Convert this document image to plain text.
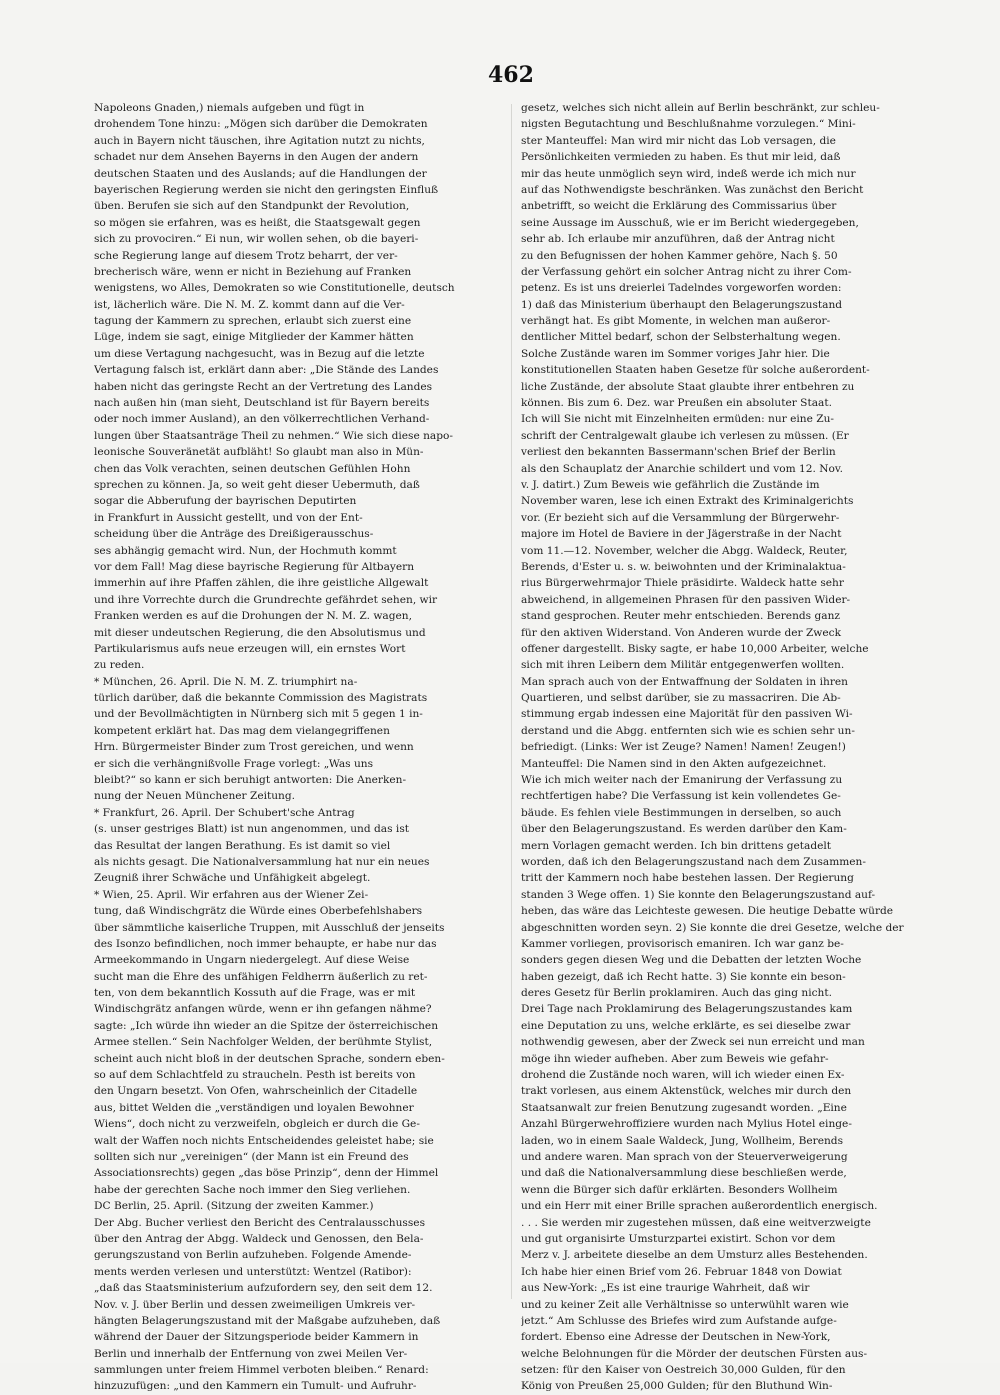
462
Napoleons Gnaden,) niemals aufgeben und fügt in
drohendem Tone hinzu: „Mögen sich darüber die Demokraten
auch in Bayern nicht täuschen, ihre Agitation nutzt zu nichts,
schadet nur dem Ansehen Bayerns in den Augen der andern
deutschen Staaten und des Auslands; auf die Handlungen der
bayerischen Regierung werden sie nicht den geringsten Einfluß
üben. Berufen sie sich auf den Standpunkt der Revolution,
so mögen sie erfahren, was es heißt, die Staatsgewalt gegen
sich zu provociren.“ Ei nun, wir wollen sehen, ob die bayeri-
sche Regierung lange auf diesem Trotz beharrt, der ver-
brecherisch wäre, wenn er nicht in Beziehung auf Franken
wenigstens, wo Alles, Demokraten so wie Constitutionelle, deutsch
ist, lächerlich wäre. Die N. M. Z. kommt dann auf die Ver-
tagung der Kammern zu sprechen, erlaubt sich zuerst eine
Lüge, indem sie sagt, einige Mitglieder der Kammer hätten
um diese Vertagung nachgesucht, was in Bezug auf die letzte
Vertagung falsch ist, erklärt dann aber: „Die Stände des Landes
haben nicht das geringste Recht an der Vertretung des Landes
nach außen hin (man sieht, Deutschland ist für Bayern bereits
oder noch immer Ausland), an den völkerrechtlichen Verhand-
lungen über Staatsanträge Theil zu nehmen.“ Wie sich diese napo-
leonische Souveränetät aufbläht! So glaubt man also in Mün-
chen das Volk verachten, seinen deutschen Gefühlen Hohn
sprechen zu können. Ja, so weit geht dieser Uebermuth, daß
sogar die Abberufung der bayrischen Deputirten
in Frankfurt in Aussicht gestellt, und von der Ent-
scheidung über die Anträge des Dreißigerausschus-
ses abhängig gemacht wird. Nun, der Hochmuth kommt
vor dem Fall! Mag diese bayrische Regierung für Altbayern
immerhin auf ihre Pfaffen zählen, die ihre geistliche Allgewalt
und ihre Vorrechte durch die Grundrechte gefährdet sehen, wir
Franken werden es auf die Drohungen der N. M. Z. wagen,
mit dieser undeutschen Regierung, die den Absolutismus und
Partikularismus aufs neue erzeugen will, ein ernstes Wort
zu reden.
* München, 26. April. Die N. M. Z. triumphirt na-
türlich darüber, daß die bekannte Commission des Magistrats
und der Bevollmächtigten in Nürnberg sich mit 5 gegen 1 in-
kompetent erklärt hat. Das mag dem vielangegriffenen
Hrn. Bürgermeister Binder zum Trost gereichen, und wenn
er sich die verhängnißvolle Frage vorlegt: „Was uns
bleibt?“ so kann er sich beruhigt antworten: Die Anerken-
nung der Neuen Münchener Zeitung.
* Frankfurt, 26. April. Der Schubert'sche Antrag
(s. unser gestriges Blatt) ist nun angenommen, und das ist
das Resultat der langen Berathung. Es ist damit so viel
als nichts gesagt. Die Nationalversammlung hat nur ein neues
Zeugniß ihrer Schwäche und Unfähigkeit abgelegt.
* Wien, 25. April. Wir erfahren aus der Wiener Zei-
tung, daß Windischgrätz die Würde eines Oberbefehlshabers
über sämmtliche kaiserliche Truppen, mit Ausschluß der jenseits
des Isonzo befindlichen, noch immer behaupte, er habe nur das
Armeekommando in Ungarn niedergelegt. Auf diese Weise
sucht man die Ehre des unfähigen Feldherrn äußerlich zu ret-
ten, von dem bekanntlich Kossuth auf die Frage, was er mit
Windischgrätz anfangen würde, wenn er ihn gefangen nähme?
sagte: „Ich würde ihn wieder an die Spitze der österreichischen
Armee stellen.“ Sein Nachfolger Welden, der berühmte Stylist,
scheint auch nicht bloß in der deutschen Sprache, sondern eben-
so auf dem Schlachtfeld zu straucheln. Pesth ist bereits von
den Ungarn besetzt. Von Ofen, wahrscheinlich der Citadelle
aus, bittet Welden die „verständigen und loyalen Bewohner
Wiens“, doch nicht zu verzweifeln, obgleich er durch die Ge-
walt der Waffen noch nichts Entscheidendes geleistet habe; sie
sollten sich nur „vereinigen“ (der Mann ist ein Freund des
Associationsrechts) gegen „das böse Prinzip“, denn der Himmel
habe der gerechten Sache noch immer den Sieg verliehen.
DC Berlin, 25. April. (Sitzung der zweiten Kammer.)
Der Abg. Bucher verliest den Bericht des Centralausschusses
über den Antrag der Abgg. Waldeck und Genossen, den Bela-
gerungszustand von Berlin aufzuheben. Folgende Amende-
ments werden verlesen und unterstützt: Wentzel (Ratibor):
„daß das Staatsministerium aufzufordern sey, den seit dem 12.
Nov. v. J. über Berlin und dessen zweimeiligen Umkreis ver-
hängten Belagerungszustand mit der Maßgabe aufzuheben, daß
während der Dauer der Sitzungsperiode beider Kammern in
Berlin und innerhalb der Entfernung von zwei Meilen Ver-
sammlungen unter freiem Himmel verboten bleiben.“ Renard:
hinzuzufügen: „und den Kammern ein Tumult- und Aufruhr-
gesetz, welches sich nicht allein auf Berlin beschränkt, zur schleu-
nigsten Begutachtung und Beschlußnahme vorzulegen.“ Mini-
ster Manteuffel: Man wird mir nicht das Lob versagen, die
Persönlichkeiten vermieden zu haben. Es thut mir leid, daß
mir das heute unmöglich seyn wird, indeß werde ich mich nur
auf das Nothwendigste beschränken. Was zunächst den Bericht
anbetrifft, so weicht die Erklärung des Commissarius über
seine Aussage im Ausschuß, wie er im Bericht wiedergegeben,
sehr ab. Ich erlaube mir anzuführen, daß der Antrag nicht
zu den Befugnissen der hohen Kammer gehöre, Nach §. 50
der Verfassung gehört ein solcher Antrag nicht zu ihrer Com-
petenz. Es ist uns dreierlei Tadelndes vorgeworfen worden:
1) daß das Ministerium überhaupt den Belagerungszustand
verhängt hat. Es gibt Momente, in welchen man außeror-
dentlicher Mittel bedarf, schon der Selbsterhaltung wegen.
Solche Zustände waren im Sommer voriges Jahr hier. Die
konstitutionellen Staaten haben Gesetze für solche außerordent-
liche Zustände, der absolute Staat glaubte ihrer entbehren zu
können. Bis zum 6. Dez. war Preußen ein absoluter Staat.
Ich will Sie nicht mit Einzelnheiten ermüden: nur eine Zu-
schrift der Centralgewalt glaube ich verlesen zu müssen. (Er
verliest den bekannten Bassermann'schen Brief der Berlin
als den Schauplatz der Anarchie schildert und vom 12. Nov.
v. J. datirt.) Zum Beweis wie gefährlich die Zustände im
November waren, lese ich einen Extrakt des Kriminalgerichts
vor. (Er bezieht sich auf die Versammlung der Bürgerwehr-
majore im Hotel de Baviere in der Jägerstraße in der Nacht
vom 11.—12. November, welcher die Abgg. Waldeck, Reuter,
Berends, d'Ester u. s. w. beiwohnten und der Kriminalaktua-
rius Bürgerwehrmajor Thiele präsidirte. Waldeck hatte sehr
abweichend, in allgemeinen Phrasen für den passiven Wider-
stand gesprochen. Reuter mehr entschieden. Berends ganz
für den aktiven Widerstand. Von Anderen wurde der Zweck
offener dargestellt. Bisky sagte, er habe 10,000 Arbeiter, welche
sich mit ihren Leibern dem Militär entgegenwerfen wollten.
Man sprach auch von der Entwaffnung der Soldaten in ihren
Quartieren, und selbst darüber, sie zu massacriren. Die Ab-
stimmung ergab indessen eine Majorität für den passiven Wi-
derstand und die Abgg. entfernten sich wie es schien sehr un-
befriedigt. (Links: Wer ist Zeuge? Namen! Namen! Zeugen!)
Manteuffel: Die Namen sind in den Akten aufgezeichnet.
Wie ich mich weiter nach der Emanirung der Verfassung zu
rechtfertigen habe? Die Verfassung ist kein vollendetes Ge-
bäude. Es fehlen viele Bestimmungen in derselben, so auch
über den Belagerungszustand. Es werden darüber den Kam-
mern Vorlagen gemacht werden. Ich bin drittens getadelt
worden, daß ich den Belagerungszustand nach dem Zusammen-
tritt der Kammern noch habe bestehen lassen. Der Regierung
standen 3 Wege offen. 1) Sie konnte den Belagerungszustand auf-
heben, das wäre das Leichteste gewesen. Die heutige Debatte würde
abgeschnitten worden seyn. 2) Sie konnte die drei Gesetze, welche der
Kammer vorliegen, provisorisch emaniren. Ich war ganz be-
sonders gegen diesen Weg und die Debatten der letzten Woche
haben gezeigt, daß ich Recht hatte. 3) Sie konnte ein beson-
deres Gesetz für Berlin proklamiren. Auch das ging nicht.
Drei Tage nach Proklamirung des Belagerungszustandes kam
eine Deputation zu uns, welche erklärte, es sei dieselbe zwar
nothwendig gewesen, aber der Zweck sei nun erreicht und man
möge ihn wieder aufheben. Aber zum Beweis wie gefahr-
drohend die Zustände noch waren, will ich wieder einen Ex-
trakt vorlesen, aus einem Aktenstück, welches mir durch den
Staatsanwalt zur freien Benutzung zugesandt worden. „Eine
Anzahl Bürgerwehroffiziere wurden nach Mylius Hotel einge-
laden, wo in einem Saale Waldeck, Jung, Wollheim, Berends
und andere waren. Man sprach von der Steuerverweigerung
und daß die Nationalversammlung diese beschließen werde,
wenn die Bürger sich dafür erklärten. Besonders Wollheim
und ein Herr mit einer Brille sprachen außerordentlich energisch.
. . . Sie werden mir zugestehen müssen, daß eine weitverzweigte
und gut organisirte Umsturzpartei existirt. Schon vor dem
Merz v. J. arbeitete dieselbe an dem Umsturz alles Bestehenden.
Ich habe hier einen Brief vom 26. Februar 1848 von Dowiat
aus New-York: „Es ist eine traurige Wahrheit, daß wir
und zu keiner Zeit alle Verhältnisse so unterwühlt waren wie
jetzt.“ Am Schlusse des Briefes wird zum Aufstande aufge-
fordert. Ebenso eine Adresse der Deutschen in New-York,
welche Belohnungen für die Mörder der deutschen Fürsten aus-
setzen: für den Kaiser von Oestreich 30,000 Gulden, für den
König von Preußen 25,000 Gulden; für den Bluthund Win-
